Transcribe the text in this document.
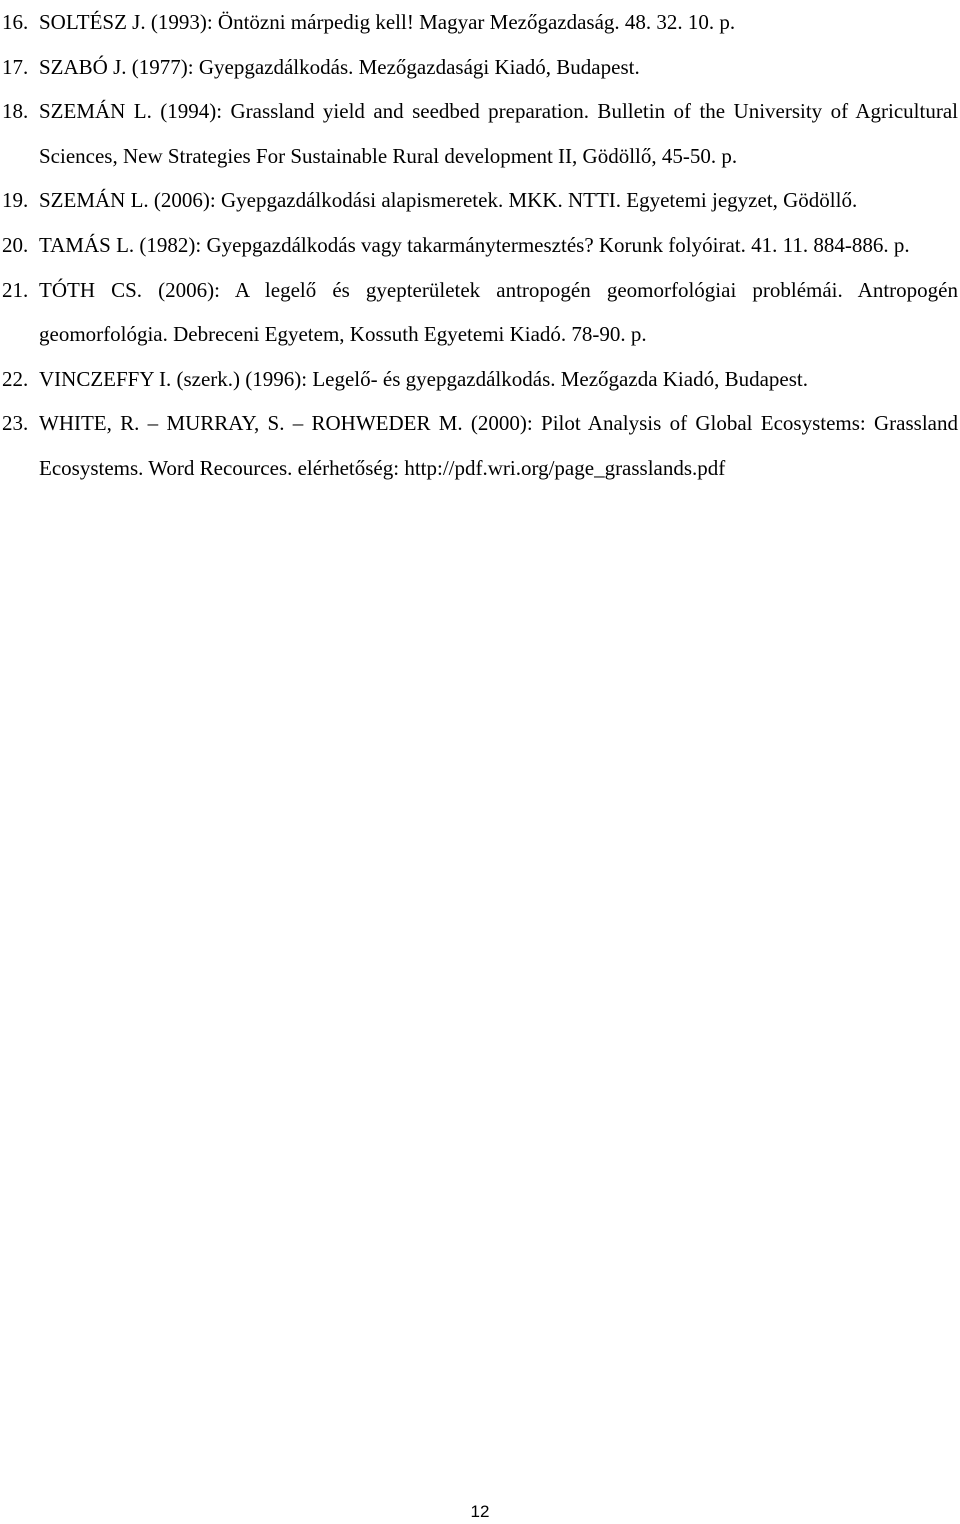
16. SOLTÉSZ J. (1993): Öntözni márpedig kell! Magyar Mezőgazdaság. 48. 32. 10. p.
17. SZABÓ J. (1977): Gyepgazdálkodás. Mezőgazdasági Kiadó, Budapest.
18. SZEMÁN L. (1994): Grassland yield and seedbed preparation. Bulletin of the University of Agricultural Sciences, New Strategies For Sustainable Rural development II, Gödöllő, 45-50. p.
19. SZEMÁN L. (2006): Gyepgazdálkodási alapismeretek. MKK. NTTI. Egyetemi jegyzet, Gödöllő.
20. TAMÁS L. (1982): Gyepgazdálkodás vagy takarmánytermesztés? Korunk folyóirat. 41. 11. 884-886. p.
21. TÓTH CS. (2006): A legelő és gyepterületek antropogén geomorfológiai problémái. Antropogén geomorfológia. Debreceni Egyetem, Kossuth Egyetemi Kiadó. 78-90. p.
22. VINCZEFFY I. (szerk.) (1996): Legelő- és gyepgazdálkodás. Mezőgazda Kiadó, Budapest.
23. WHITE, R. – MURRAY, S. – ROHWEDER M. (2000): Pilot Analysis of Global Ecosystems: Grassland Ecosystems. Word Recources. elérhetőség: http://pdf.wri.org/page_grasslands.pdf
12
